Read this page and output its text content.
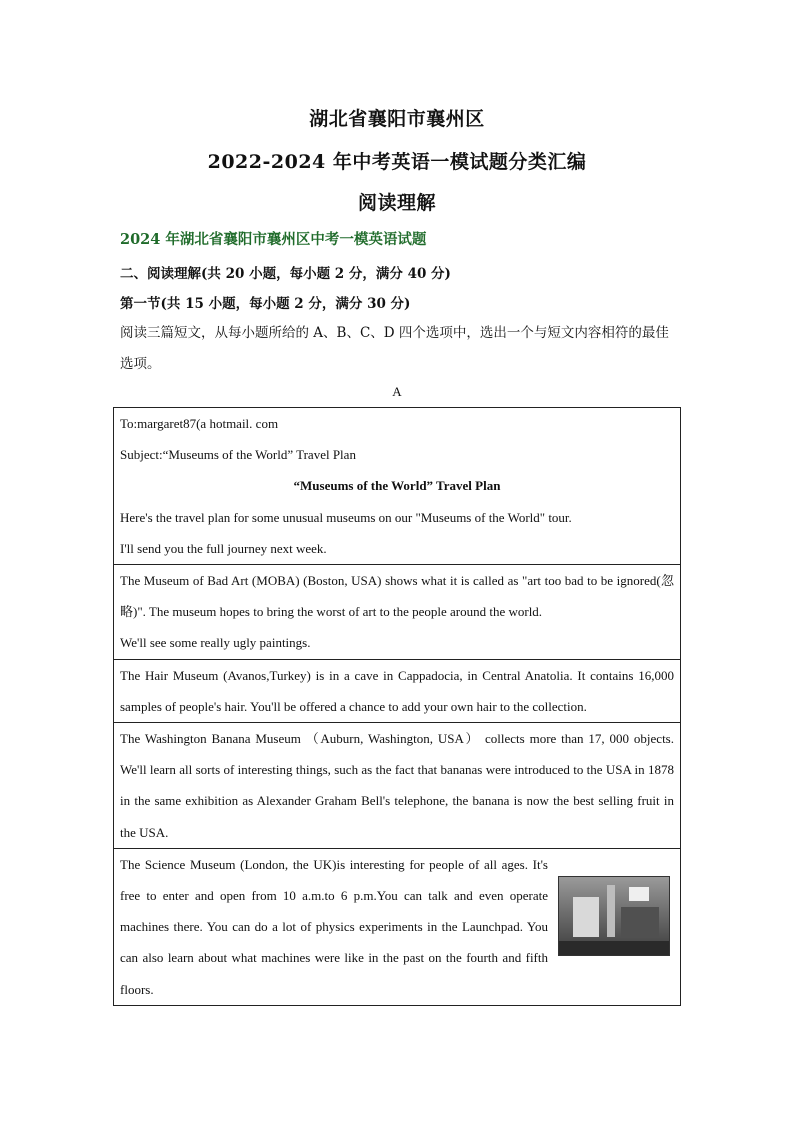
湖北省襄阳市襄州区
2022-2024 年中考英语一模试题分类汇编
阅读理解
2024 年湖北省襄阳市襄州区中考一模英语试题
二、阅读理解(共 20 小题，每小题 2 分，满分 40 分)
第一节(共 15 小题，每小题 2 分，满分 30 分)
阅读三篇短文，从每小题所给的 A、B、C、D 四个选项中，选出一个与短文内容相符的最佳选项。
A
To:margaret87(a hotmail. com
Subject:“Museums of the World” Travel Plan
“Museums of the World” Travel Plan
Here's the travel plan for some unusual museums on our "Museums of the World" tour.
I'll send you the full journey next week.

The Museum of Bad Art (MOBA) (Boston, USA) shows what it is called as "art too bad to be ignored(忽略)". The museum hopes to bring the worst of art to the people around the world.
We'll see some really ugly paintings.

The Hair Museum (Avanos,Turkey) is in a cave in Cappadocia, in Central Anatolia. It contains 16,000 samples of people's hair. You'll be offered a chance to add your own hair to the collection.

The Washington Banana Museum （Auburn, Washington, USA） collects more than 17, 000 objects. We'll learn all sorts of interesting things, such as the fact that bananas were introduced to the USA in 1878 in the same exhibition as Alexander Graham Bell's telephone, the banana is now the best selling fruit in the USA.

The Science Museum (London, the UK)is interesting for people of all ages. It's free to enter and open from 10 a.m.to 6 p.m.You can talk and even operate machines there. You can do a lot of physics experiments in the Launchpad. You can also learn about what machines were like in the past on the fourth and fifth floors.
